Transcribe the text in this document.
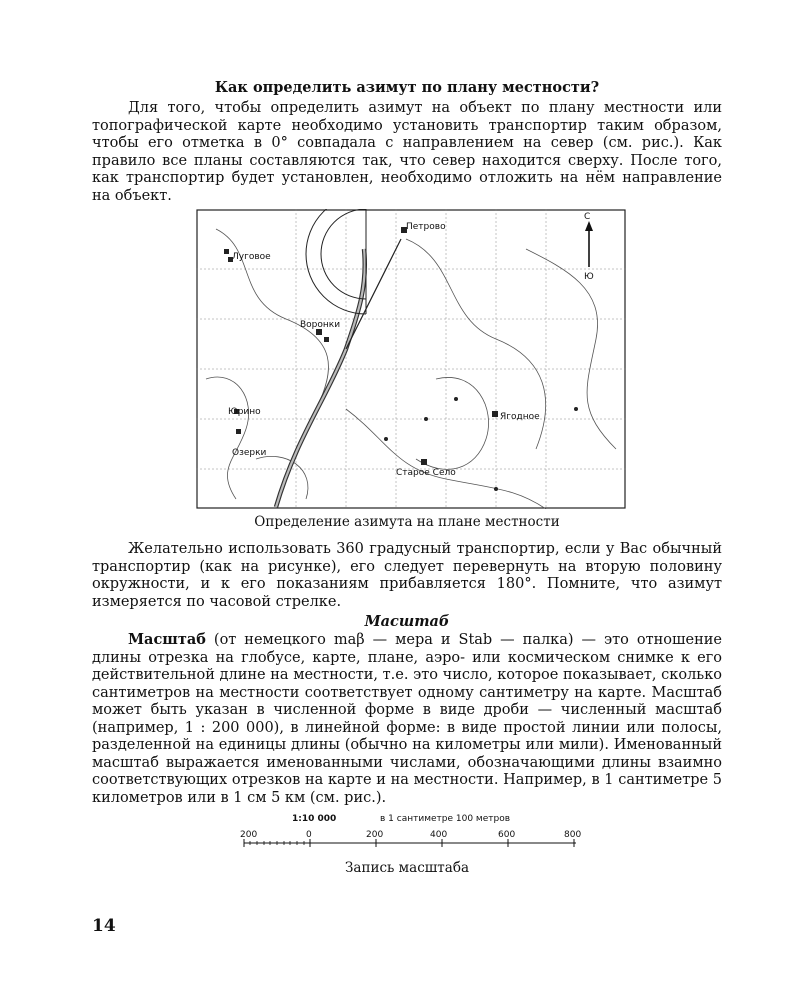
Как определить азимут по плану местности?

Для того, чтобы определить азимут на объект по плану местности или топографической карте необходимо установить транспортир таким образом, чтобы его отметка в 0° совпадала с направлением на север (см. рис.). Как правило все планы составляются так, что север находится сверху. После того, как транспортир будет установлен, необходимо отложить на нём направление на объект.

С
Ю
Петрово
Луговое
Воронки
Юрино
Озерки
Ягодное
Старое Село

Определение азимута на плане местности

Желательно использовать 360 градусный транспортир, если у Вас обычный транспортир (как на рисунке), его следует перевернуть на вторую половину окружности, и к его показаниям прибавляется 180°. Помните, что азимут измеряется по часовой стрелке.

Масштаб

Масштаб (от немецкого maβ — мера и Stab — палка) — это отношение длины отрезка на глобусе, карте, плане, аэро- или космическом снимке к его действительной длине на местности, т.е. это число, которое показывает, сколько сантиметров на местности соответствует одному сантиметру на карте. Масштаб может быть указан в численной форме в виде дроби — численный масштаб (например, 1 : 200 000), в линейной форме: в виде простой линии или полосы, разделенной на единицы длины (обычно на километры или мили). Именованный масштаб выражается именованными числами, обозначающими длины взаимно соответствующих отрезков на карте и на местности. Например, в 1 сантиметре 5 километров или в 1 см 5 км (см. рис.).

1:10 000	в 1 сантиметре 100 метров
200	0	200	400	600	800

Запись масштаба

14
